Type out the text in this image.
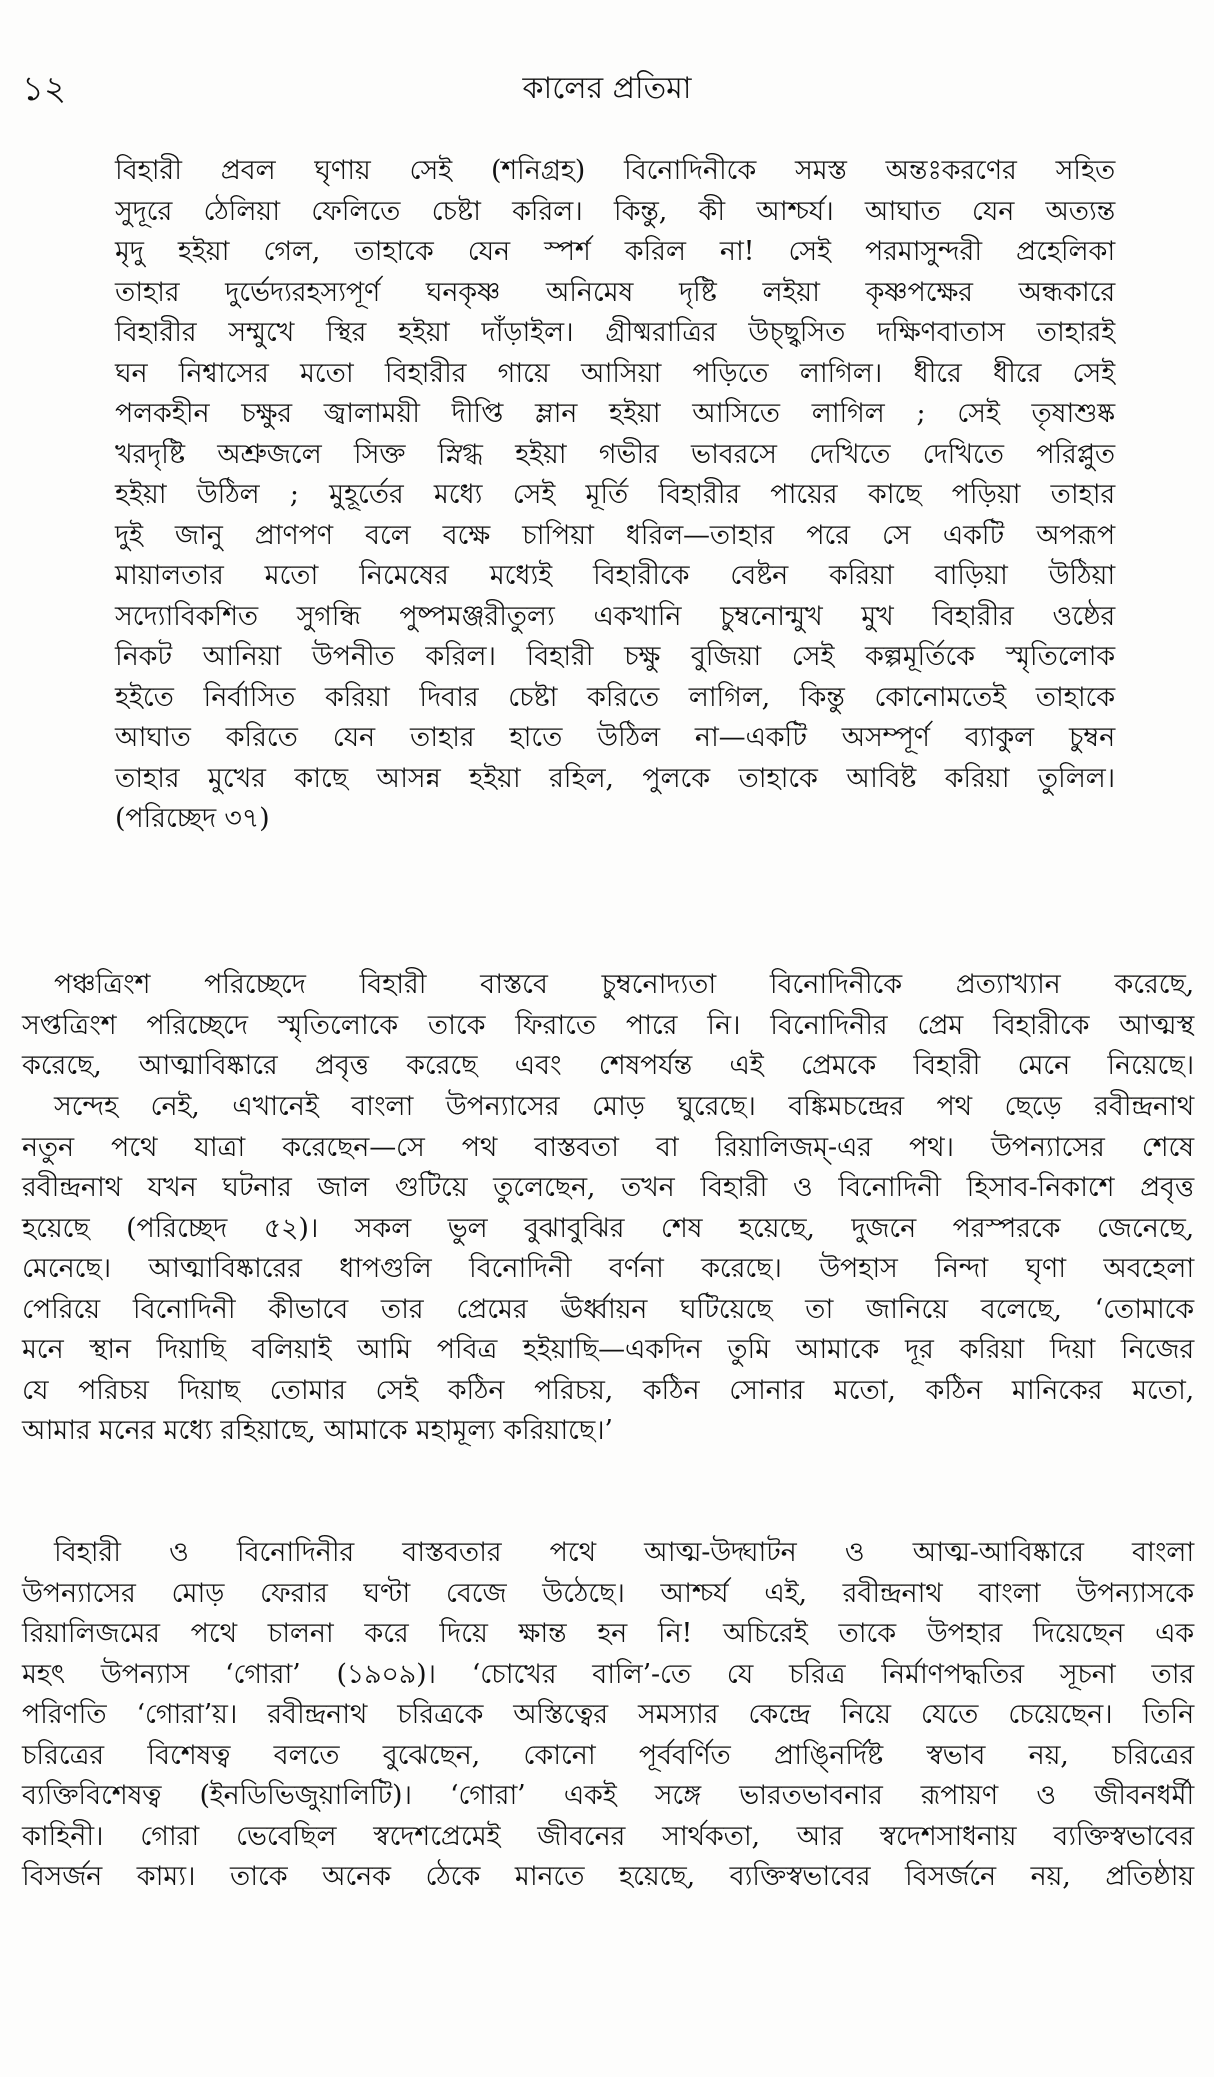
১২	কালের প্রতিমা
বিহারী প্রবল ঘৃণায় সেই (শনিগ্রহ) বিনোদিনীকে সমস্ত অন্তঃকরণের সহিত
সুদূরে ঠেলিয়া ফেলিতে চেষ্টা করিল। কিন্তু, কী আশ্চর্য। আঘাত যেন অত্যন্ত
মৃদু হইয়া গেল, তাহাকে যেন স্পর্শ করিল না! সেই পরমাসুন্দরী প্রহেলিকা
তাহার দুর্ভেদ্যরহস্যপূর্ণ ঘনকৃষ্ণ অনিমেষ দৃষ্টি লইয়া কৃষ্ণপক্ষের অন্ধকারে
বিহারীর সম্মুখে স্থির হইয়া দাঁড়াইল। গ্রীষ্মরাত্রির উচ্ছ্বসিত দক্ষিণবাতাস তাহারই
ঘন নিশ্বাসের মতো বিহারীর গায়ে আসিয়া পড়িতে লাগিল। ধীরে ধীরে সেই
পলকহীন চক্ষুর জ্বালাময়ী দীপ্তি ম্লান হইয়া আসিতে লাগিল ; সেই তৃষাশুষ্ক
খরদৃষ্টি অশ্রুজলে সিক্ত স্নিগ্ধ হইয়া গভীর ভাবরসে দেখিতে দেখিতে পরিপ্লুত
হইয়া উঠিল ; মুহূর্তের মধ্যে সেই মূর্তি বিহারীর পায়ের কাছে পড়িয়া তাহার
দুই জানু প্রাণপণ বলে বক্ষে চাপিয়া ধরিল—তাহার পরে সে একটি অপরূপ
মায়ালতার মতো নিমেষের মধ্যেই বিহারীকে বেষ্টন করিয়া বাড়িয়া উঠিয়া
সদ্যোবিকশিত সুগন্ধি পুষ্পমঞ্জরীতুল্য একখানি চুম্বনোন্মুখ মুখ বিহারীর ওষ্ঠের
নিকট আনিয়া উপনীত করিল। বিহারী চক্ষু বুজিয়া সেই কল্পমূর্তিকে স্মৃতিলোক
হইতে নির্বাসিত করিয়া দিবার চেষ্টা করিতে লাগিল, কিন্তু কোনোমতেই তাহাকে
আঘাত করিতে যেন তাহার হাতে উঠিল না—একটি অসম্পূর্ণ ব্যাকুল চুম্বন
তাহার মুখের কাছে আসন্ন হইয়া রহিল, পুলকে তাহাকে আবিষ্ট করিয়া তুলিল।
(পরিচ্ছেদ ৩৭)
পঞ্চত্রিংশ পরিচ্ছেদে বিহারী বাস্তবে চুম্বনোদ্যতা বিনোদিনীকে প্রত্যাখ্যান করেছে,
সপ্তত্রিংশ পরিচ্ছেদে স্মৃতিলোকে তাকে ফিরাতে পারে নি। বিনোদিনীর প্রেম বিহারীকে আত্মস্থ
করেছে, আত্মাবিষ্কারে প্রবৃত্ত করেছে এবং শেষপর্যন্ত এই প্রেমকে বিহারী মেনে নিয়েছে।
সন্দেহ নেই, এখানেই বাংলা উপন্যাসের মোড় ঘুরেছে। বঙ্কিমচন্দ্রের পথ ছেড়ে রবীন্দ্রনাথ
নতুন পথে যাত্রা করেছেন—সে পথ বাস্তবতা বা রিয়ালিজম্-এর পথ। উপন্যাসের শেষে
রবীন্দ্রনাথ যখন ঘটনার জাল গুটিয়ে তুলেছেন, তখন বিহারী ও বিনোদিনী হিসাব-নিকাশে প্রবৃত্ত
হয়েছে (পরিচ্ছেদ ৫২)। সকল ভুল বুঝাবুঝির শেষ হয়েছে, দুজনে পরস্পরকে জেনেছে,
মেনেছে। আত্মাবিষ্কারের ধাপগুলি বিনোদিনী বর্ণনা করেছে। উপহাস নিন্দা ঘৃণা অবহেলা
পেরিয়ে বিনোদিনী কীভাবে তার প্রেমের ঊর্ধ্বায়ন ঘটিয়েছে তা জানিয়ে বলেছে, ‘তোমাকে
মনে স্থান দিয়াছি বলিয়াই আমি পবিত্র হইয়াছি—একদিন তুমি আমাকে দূর করিয়া দিয়া নিজের
যে পরিচয় দিয়াছ তোমার সেই কঠিন পরিচয়, কঠিন সোনার মতো, কঠিন মানিকের মতো,
আমার মনের মধ্যে রহিয়াছে, আমাকে মহামূল্য করিয়াছে।’
বিহারী ও বিনোদিনীর বাস্তবতার পথে আত্ম-উদ্ঘাটন ও আত্ম-আবিষ্কারে বাংলা
উপন্যাসের মোড় ফেরার ঘণ্টা বেজে উঠেছে। আশ্চর্য এই, রবীন্দ্রনাথ বাংলা উপন্যাসকে
রিয়ালিজমের পথে চালনা করে দিয়ে ক্ষান্ত হন নি! অচিরেই তাকে উপহার দিয়েছেন এক
মহৎ উপন্যাস ‘গোরা’ (১৯০৯)। ‘চোখের বালি’-তে যে চরিত্র নির্মাণপদ্ধতির সূচনা তার
পরিণতি ‘গোরা’য়। রবীন্দ্রনাথ চরিত্রকে অস্তিত্বের সমস্যার কেন্দ্রে নিয়ে যেতে চেয়েছেন। তিনি
চরিত্রের বিশেষত্ব বলতে বুঝেছেন, কোনো পূর্ববর্ণিত প্রাঙ্নির্দিষ্ট স্বভাব নয়, চরিত্রের
ব্যক্তিবিশেষত্ব (ইনডিভিজুয়ালিটি)। ‘গোরা’ একই সঙ্গে ভারতভাবনার রূপায়ণ ও জীবনধর্মী
কাহিনী। গোরা ভেবেছিল স্বদেশপ্রেমেই জীবনের সার্থকতা, আর স্বদেশসাধনায় ব্যক্তিস্বভাবের
বিসর্জন কাম্য। তাকে অনেক ঠেকে মানতে হয়েছে, ব্যক্তিস্বভাবের বিসর্জনে নয়, প্রতিষ্ঠায়
